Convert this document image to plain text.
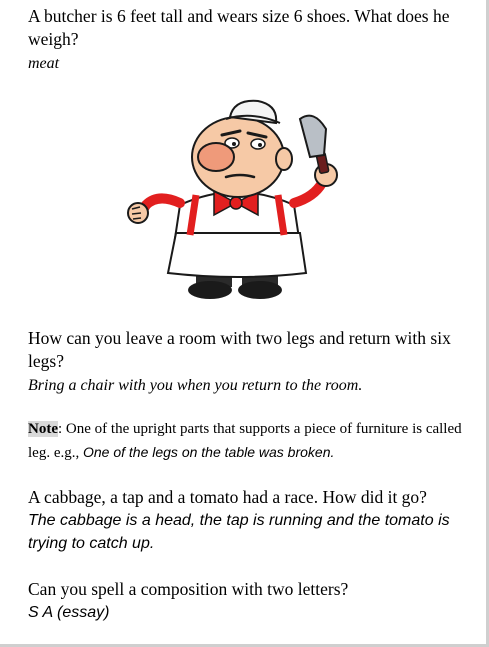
A butcher is 6 feet tall and wears size 6 shoes. What does he weigh?

meat

How can you leave a room with two legs and return with six legs?

Bring a chair with you when you return to the room.

Note: One of the upright parts that supports a piece of furniture is called leg. e.g., One of the legs on the table was broken.

A cabbage, a tap and a tomato had a race. How did it go?

The cabbage is a head, the tap is running and the tomato is trying to catch up.

Can you spell a composition with two letters?

S A (essay)
